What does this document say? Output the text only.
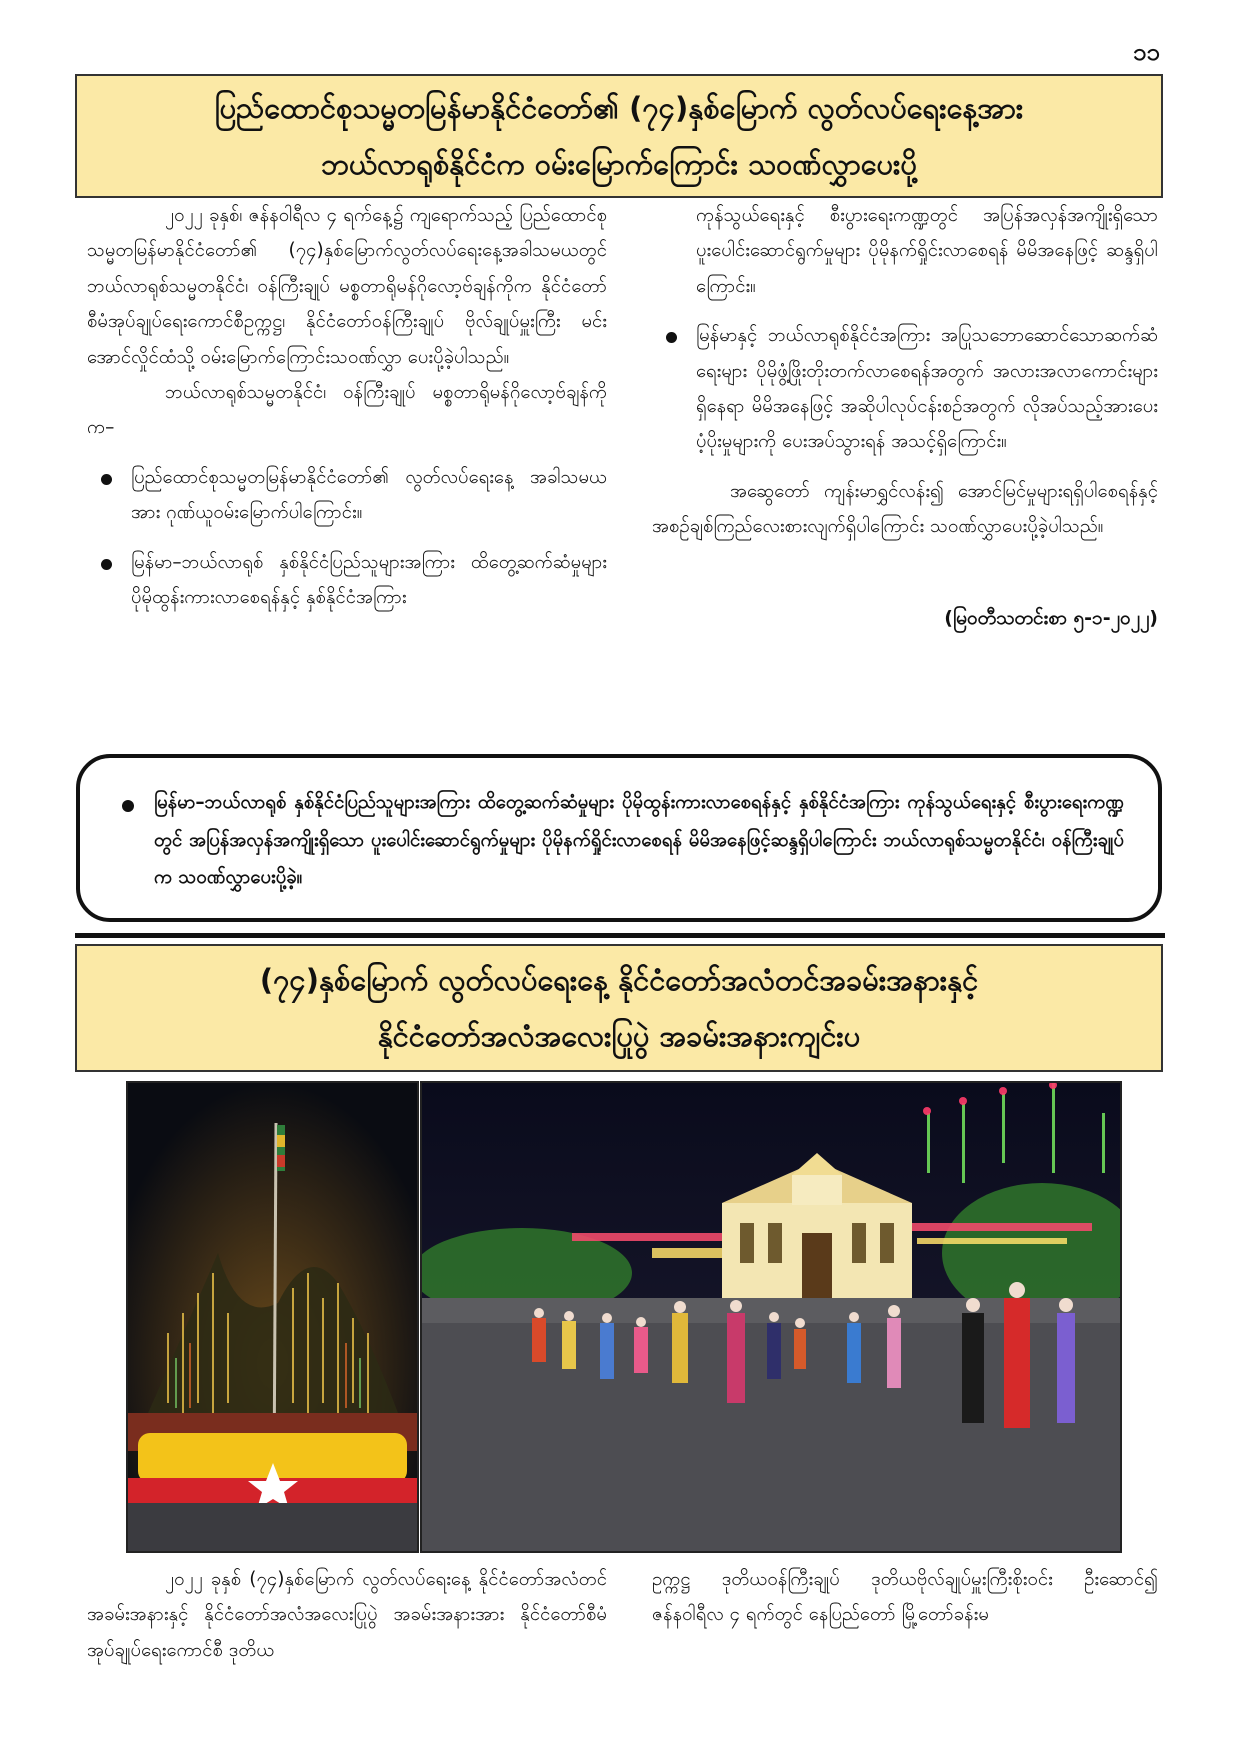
၁၁
ပြည်ထောင်စုသမ္မတမြန်မာနိုင်ငံတော်၏ (၇၄)နှစ်မြောက် လွတ်လပ်ရေးနေ့အား
ဘယ်လာရုစ်နိုင်ငံက ဝမ်းမြောက်ကြောင်း သဝဏ်လွှာပေးပို့

၂၀၂၂ ခုနှစ်၊ ဇန်နဝါရီလ ၄ ရက်နေ့၌ ကျရောက်သည့် ပြည်ထောင်စုသမ္မတမြန်မာနိုင်ငံတော်၏ (၇၄)နှစ်မြောက်လွတ်လပ်ရေးနေ့အခါသမယတွင် ဘယ်လာရုစ်သမ္မတနိုင်ငံ၊ ဝန်ကြီးချုပ် မစ္စတာရိုမန်ဂိုလော့ဗ်ချန်ကိုက နိုင်ငံတော်စီမံအုပ်ချုပ်ရေးကောင်စီဥက္ကဋ္ဌ၊ နိုင်ငံတော်ဝန်ကြီးချုပ် ဗိုလ်ချုပ်မှူးကြီး မင်းအောင်လှိုင်ထံသို့ ဝမ်းမြောက်ကြောင်းသဝဏ်လွှာ ပေးပို့ခဲ့ပါသည်။

ဘယ်လာရုစ်သမ္မတနိုင်ငံ၊ ဝန်ကြီးချုပ် မစ္စတာရိုမန်ဂိုလော့ဗ်ချန်ကိုက–

ပြည်ထောင်စုသမ္မတမြန်မာနိုင်ငံတော်၏ လွတ်လပ်ရေးနေ့ အခါသမယအား ဂုဏ်ယူဝမ်းမြောက်ပါကြောင်း။
မြန်မာ–ဘယ်လာရုစ် နှစ်နိုင်ငံပြည်သူများအကြား ထိတွေ့ဆက်ဆံမှုများ ပိုမိုထွန်းကားလာစေရန်နှင့် နှစ်နိုင်ငံအကြား

ကုန်သွယ်ရေးနှင့် စီးပွားရေးကဏ္ဍတွင် အပြန်အလှန်အကျိုးရှိသောပူးပေါင်းဆောင်ရွက်မှုများ ပိုမိုနက်ရှိုင်းလာစေရန် မိမိအနေဖြင့် ဆန္ဒရှိပါကြောင်း။

မြန်မာနှင့် ဘယ်လာရုစ်နိုင်ငံအကြား အပြုသဘောဆောင်သောဆက်ဆံရေးများ ပိုမိုဖွံ့ဖြိုးတိုးတက်လာစေရန်အတွက် အလားအလာကောင်းများရှိနေရာ မိမိအနေဖြင့် အဆိုပါလုပ်ငန်းစဉ်အတွက် လိုအပ်သည့်အားပေးပံ့ပိုးမှုများကို ပေးအပ်သွားရန် အသင့်ရှိကြောင်း။

အဆွေတော် ကျန်းမာရွှင်လန်း၍ အောင်မြင်မှုများရရှိပါစေရန်နှင့် အစဉ်ချစ်ကြည်လေးစားလျက်ရှိပါကြောင်း သဝဏ်လွှာပေးပို့ခဲ့ပါသည်။

(မြဝတီသတင်းစာ ၅-၁-၂၀၂၂)

မြန်မာ–ဘယ်လာရုစ် နှစ်နိုင်ငံပြည်သူများအကြား ထိတွေ့ဆက်ဆံမှုများ ပိုမိုထွန်းကားလာစေရန်နှင့် နှစ်နိုင်ငံအကြား ကုန်သွယ်ရေးနှင့် စီးပွားရေးကဏ္ဍတွင် အပြန်အလှန်အကျိုးရှိသော ပူးပေါင်းဆောင်ရွက်မှုများ ပိုမိုနက်ရှိုင်းလာစေရန် မိမိအနေဖြင့်ဆန္ဒရှိပါကြောင်း ဘယ်လာရုစ်သမ္မတနိုင်ငံ၊ ဝန်ကြီးချုပ်က သဝဏ်လွှာပေးပို့ခဲ့။
(၇၄)နှစ်မြောက် လွတ်လပ်ရေးနေ့ နိုင်ငံတော်အလံတင်အခမ်းအနားနှင့်
နိုင်ငံတော်အလံအလေးပြုပွဲ အခမ်းအနားကျင်းပ

၂၀၂၂ ခုနှစ် (၇၄)နှစ်မြောက် လွတ်လပ်ရေးနေ့ နိုင်ငံတော်အလံတင်အခမ်းအနားနှင့် နိုင်ငံတော်အလံအလေးပြုပွဲ အခမ်းအနားအား နိုင်ငံတော်စီမံအုပ်ချုပ်ရေးကောင်စီ ဒုတိယ

ဥက္ကဋ္ဌ ဒုတိယဝန်ကြီးချုပ် ဒုတိယဗိုလ်ချုပ်မှူးကြီးစိုးဝင်း ဦးဆောင်၍ ဇန်နဝါရီလ ၄ ရက်တွင် နေပြည်တော် မြို့တော်ခန်းမ
